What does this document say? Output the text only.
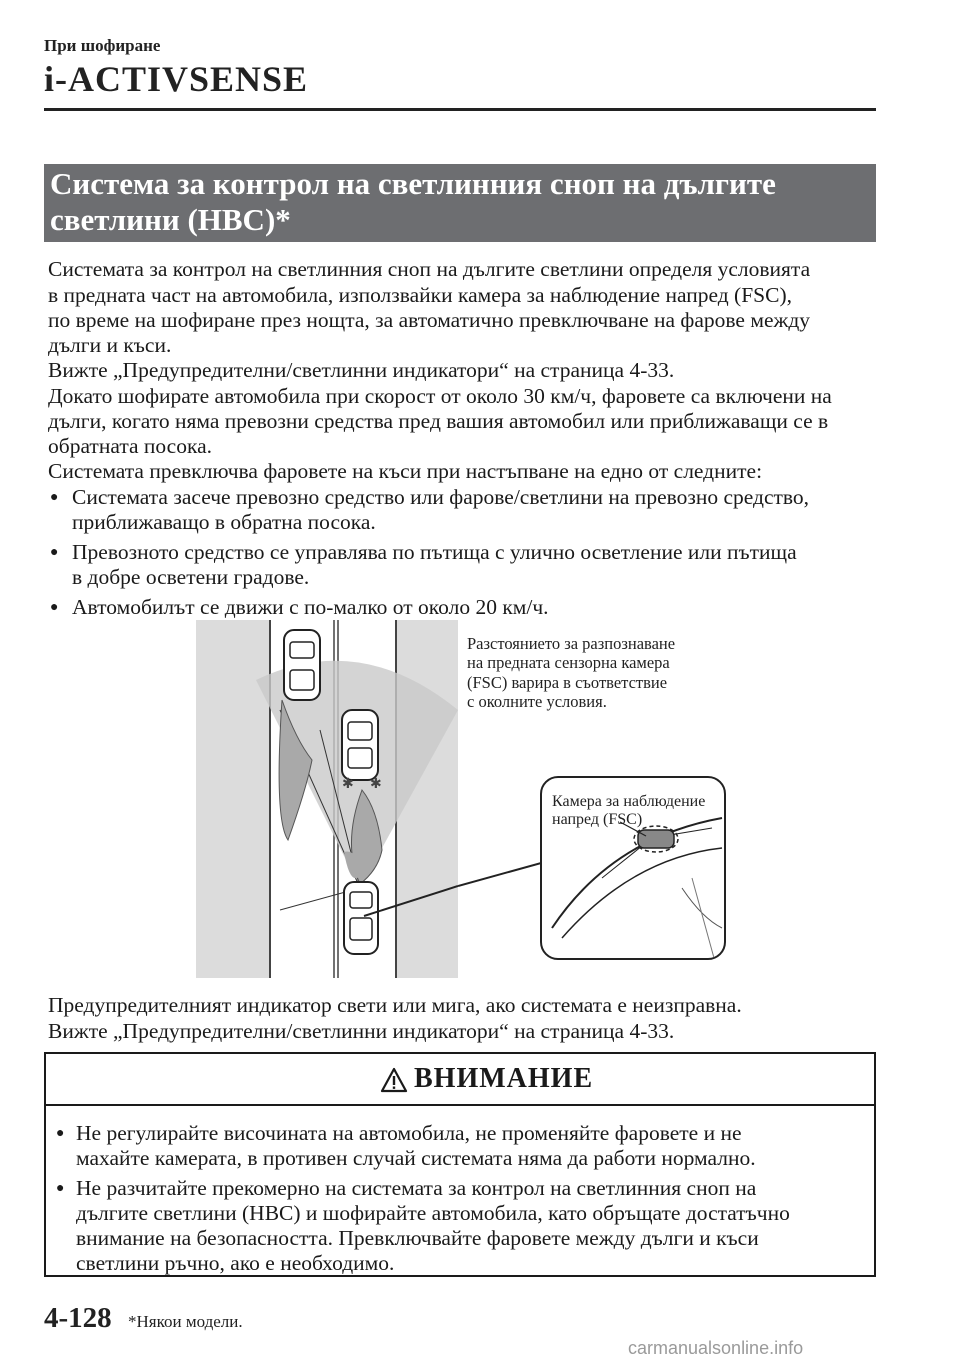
При шофиране
i-ACTIVSENSE
Система за контрол на светлинния сноп на дългите
светлини (HBC)*
Системата за контрол на светлинния сноп на дългите светлини определя условията
в предната част на автомобила, използвайки камера за наблюдение напред (FSC),
по време на шофиране през нощта, за автоматично превключване на фарове между
дълги и къси.
Вижте „Предупредителни/светлинни индикатори“ на страница 4-33.
Докато шофирате автомобила при скорост от около 30 км/ч, фаровете са включени на
дълги, когато няма превозни средства пред вашия автомобил или приближаващи се в
обратната посока.
Системата превключва фаровете на къси при настъпване на едно от следните:
● Системата засече превозно средство или фарове/светлини на превозно средство,
приближаващо в обратна посока.
● Превозното средство се управлява по пътища с улично осветление или пътища
в добре осветени градове.
● Автомобилът се движи с по-малко от около 20 км/ч.
✱ ✱
Разстоянието за разпознаване
на предната сензорна камера
(FSC) варира в съответствие
с околните условия.
Камера за наблюдение
напред (FSC)
Предупредителният индикатор свети или мига, ако системата е неизправна.
Вижте „Предупредителни/светлинни индикатори“ на страница 4-33.
ВНИМАНИЕ
● Не регулирайте височината на автомобила, не променяйте фаровете и не
махайте камерата, в противен случай системата няма да работи нормално.
● Не разчитайте прекомерно на системата за контрол на светлинния сноп на
дългите светлини (HBC) и шофирайте автомобила, като обръщате достатъчно
внимание на безопасността. Превключвайте фаровете между дълги и къси
светлини ръчно, ако е необходимо.
4-128 *Някои модели.
carmanualsonline.info
